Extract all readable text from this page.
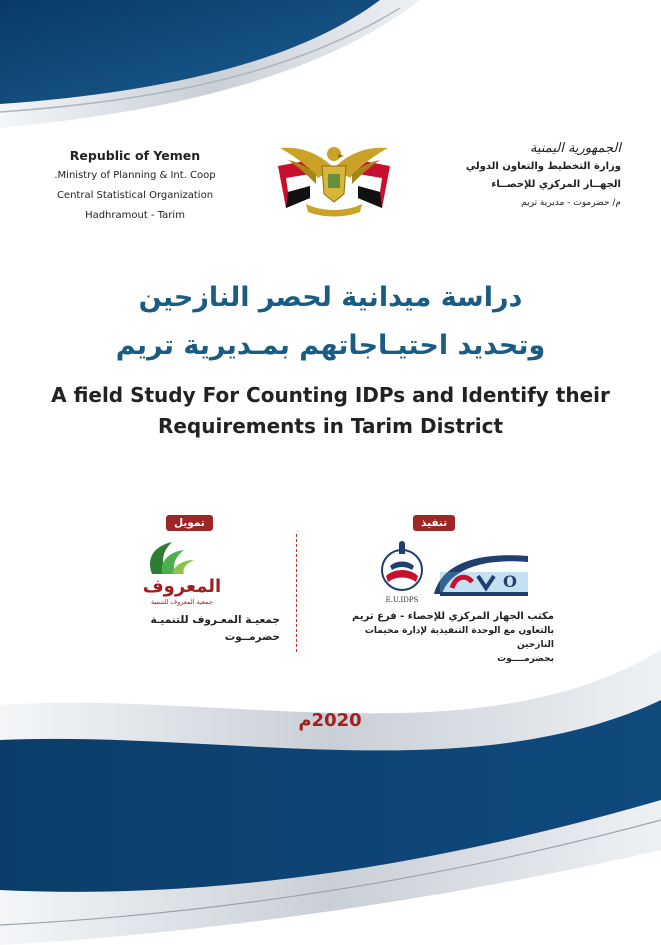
Republic of Yemen
.Ministry of Planning & Int. Coop
Central Statistical Organization
Hadhramout - Tarim
الجمهورية اليمنية
وزارة التخطيط والتعاون الدولي
الجهــاز المركزي للإحصــاء
م/ حضرموت - مديرية تريم
دراسة ميدانية لحصر النازحين
وتحديد احتيـاجاتهم بمـديرية تريم
A field Study For Counting IDPs and Identify their
Requirements in Tarim District
تمويل
المعروف
جمعية المعروف للتنمية
جمعيـة المعـروف للتنميـة
حضرمــوت
تنفيذ
E.U.IDPS
O
مكتب الجهاز المركزي للإحصاء - فرع تريم
بالتعاون مع الوحدة التنفيذية لإدارة مخيمات النازحين
بحضرمــــوت
2020م
